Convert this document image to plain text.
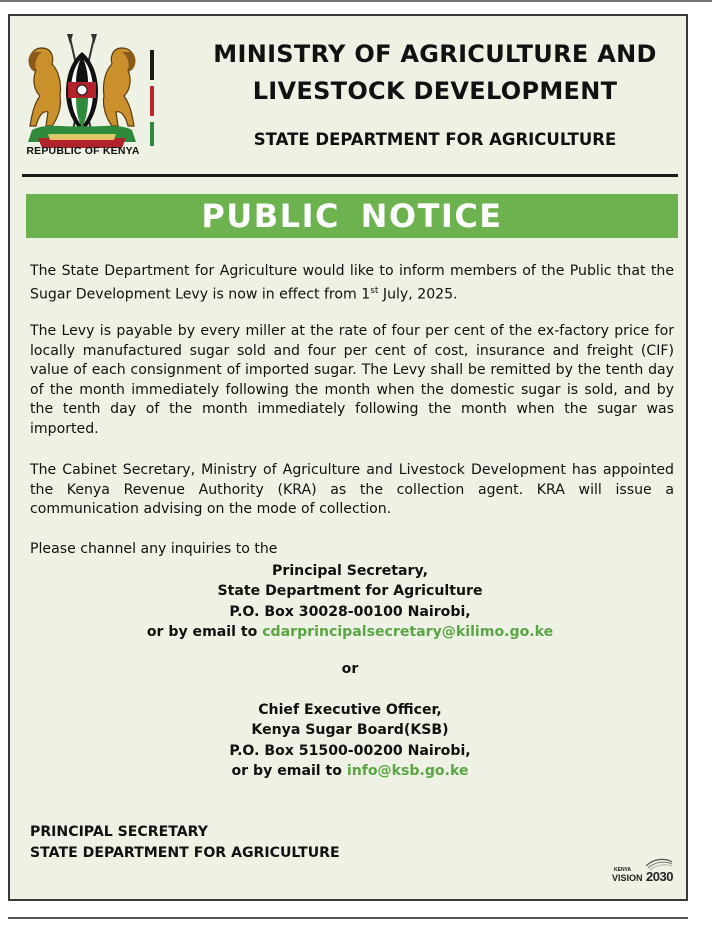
REPUBLIC OF KENYA
MINISTRY OF AGRICULTURE AND
LIVESTOCK DEVELOPMENT
STATE DEPARTMENT FOR AGRICULTURE
PUBLIC NOTICE
The State Department for Agriculture would like to inform members of the Public that the Sugar Development Levy is now in effect from 1st July, 2025.
The Levy is payable by every miller at the rate of four per cent of the ex-factory price for locally manufactured sugar sold and four per cent of cost, insurance and freight (CIF) value of each consignment of imported sugar. The Levy shall be remitted by the tenth day of the month immediately following the month when the domestic sugar is sold, and by the tenth day of the month immediately following the month when the sugar was imported.
The Cabinet Secretary, Ministry of Agriculture and Livestock Development has appointed the Kenya Revenue Authority (KRA) as the collection agent. KRA will issue a communication advising on the mode of collection.
Please channel any inquiries to the
Principal Secretary,
State Department for Agriculture
P.O. Box 30028-00100 Nairobi,
or by email to cdarprincipalsecretary@kilimo.go.ke
or
Chief Executive Officer,
Kenya Sugar Board(KSB)
P.O. Box 51500-00200 Nairobi,
or by email to info@ksb.go.ke
PRINCIPAL SECRETARY
STATE DEPARTMENT FOR AGRICULTURE
KENYA
VISION 2030
